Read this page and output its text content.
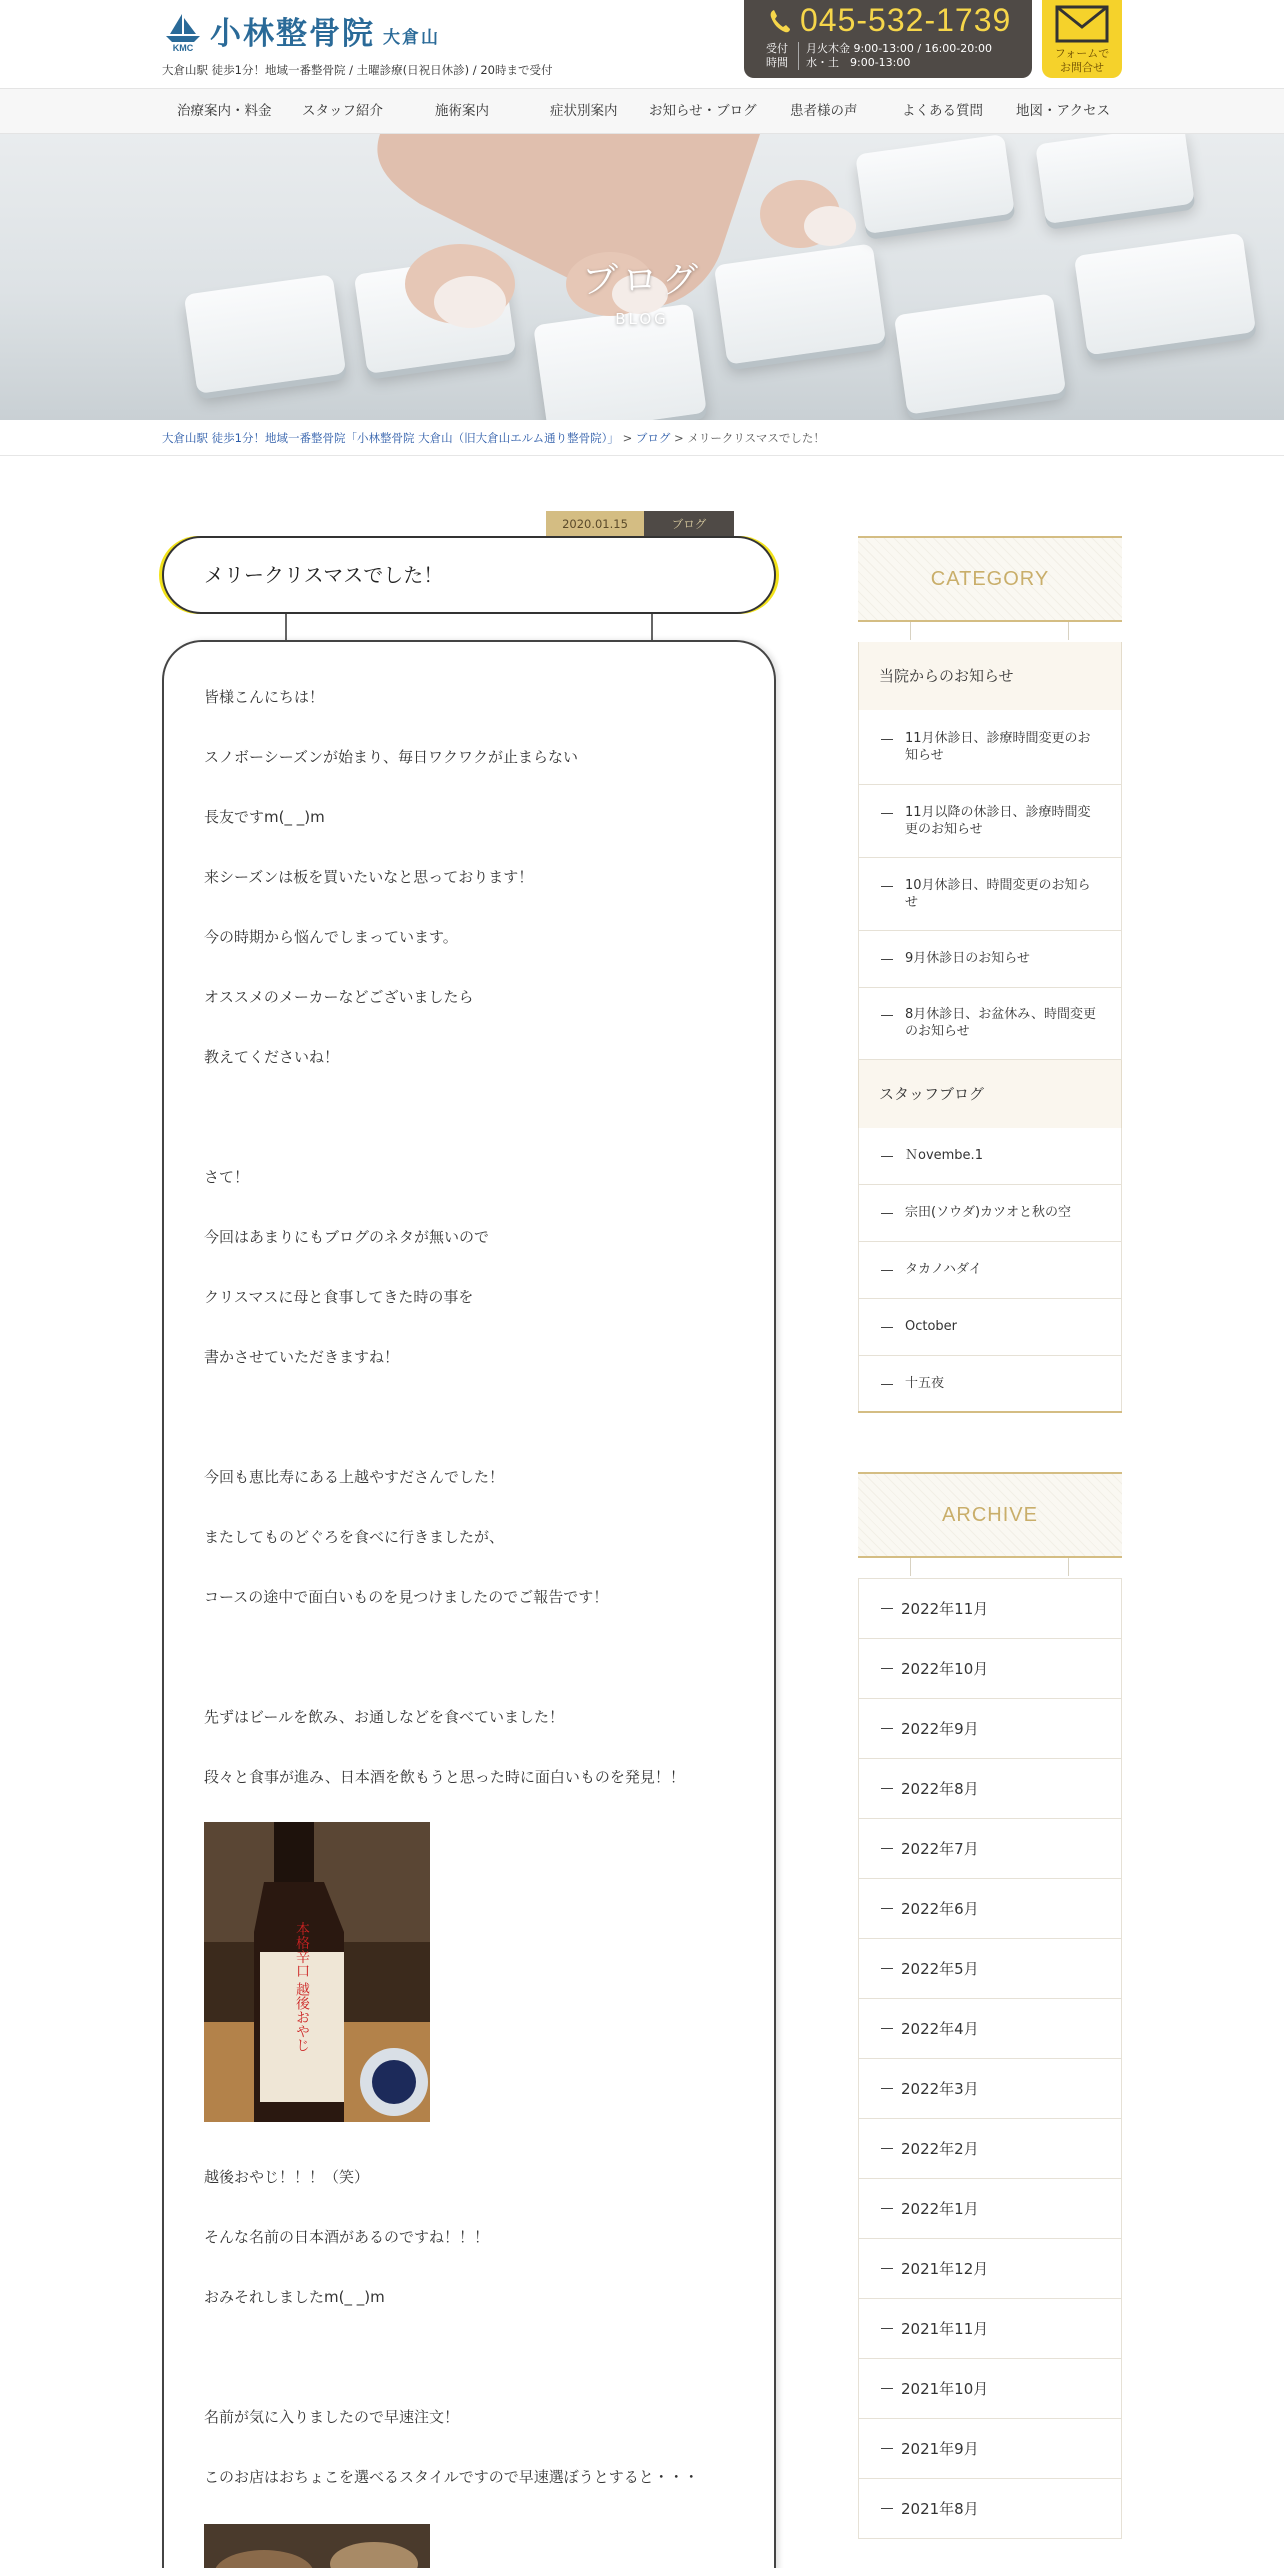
KMC 小林整骨院 大倉山
大倉山駅 徒歩1分！地域一番整骨院 / 土曜診療(日祝日休診) / 20時まで受付
045-532-1739
受付
時間
月火木金 9:00-13:00 / 16:00-20:00
水・土　9:00-13:00
フォームで
お問合せ
治療案内・料金 スタッフ紹介	施術案内	症状別案内 お知らせ・ブログ 患者様の声	よくある質問 地図・アクセス
ブログ
BLOG
大倉山駅 徒歩1分！地域一番整骨院「小林整骨院 大倉山（旧大倉山エルム通り整骨院）」 > ブログ > メリークリスマスでした！
2020.01.15	ブログ
メリークリスマスでした！

皆様こんにちは！

スノボーシーズンが始まり、毎日ワクワクが止まらない

長友ですm(_ _)m

来シーズンは板を買いたいなと思っております！

今の時期から悩んでしまっています。

オススメのメーカーなどございましたら

教えてくださいね！

さて！

今回はあまりにもブログのネタが無いので

クリスマスに母と食事してきた時の事を

書かさせていただきますね！

今回も恵比寿にある上越やすださんでした！

またしてものどぐろを食べに行きましたが、

コースの途中で面白いものを見つけましたのでご報告です！

先ずはビールを飲み、お通しなどを食べていました！

段々と食事が進み、日本酒を飲もうと思った時に面白いものを発見！！

本格辛口 越後おやじ

越後おやじ！！！（笑）

そんな名前の日本酒があるのですね！！！

おみそれしましたm(_ _)m

名前が気に入りましたので早速注文！

このお店はおちょこを選べるスタイルですので早速選ぼうとすると・・・

CATEGORY
当院からのお知らせ
11月休診日、診療時間変更のお知らせ
11月以降の休診日、診療時間変更のお知らせ
10月休診日、時間変更のお知らせ
9月休診日のお知らせ
8月休診日、お盆休み、時間変更のお知らせ
スタッフブログ
Ｎovembe.1
宗田(ソウダ)カツオと秋の空
タカノハダイ
October
十五夜
ARCHIVE
2022年11月
2022年10月
2022年9月
2022年8月
2022年7月
2022年6月
2022年5月
2022年4月
2022年3月
2022年2月
2022年1月
2021年12月
2021年11月
2021年10月
2021年9月
2021年8月
